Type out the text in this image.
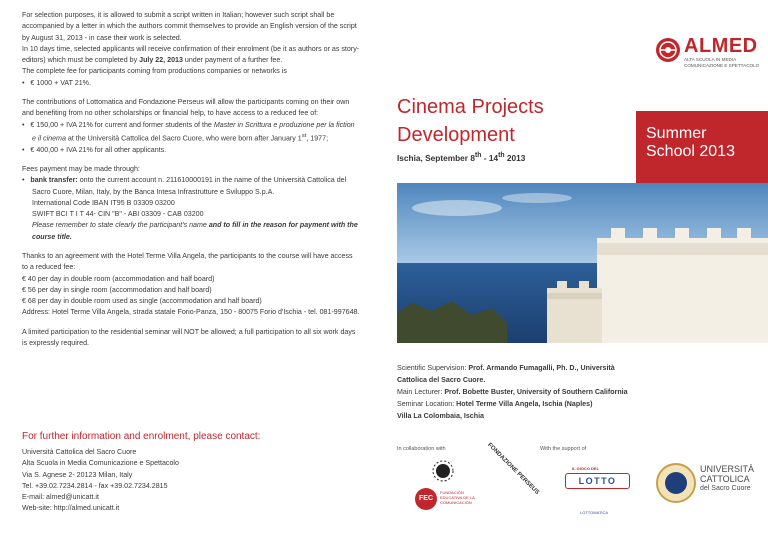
For selection purposes, it is allowed to submit a script written in Italian; however such script shall be accompanied by a letter in which the authors commit themselves to provide an English version of the script by August 31, 2013 - in case their work is selected.

In 10 days time, selected applicants will receive confirmation of their enrolment (be it as authors or as story-editors) which must be completed by July 22, 2013 under payment of a further fee.

The complete fee for participants coming from productions companies or networks is

•   € 1000 + VAT 21%.

The contributions of Lottomatica and Fondazione Perseus will allow the participants coming on their own and benefiting from no other scholarships or financial help, to have access to a reduced fee of:

•   € 150,00 + IVA 21% for current and former students of the Master in Scrittura e produzione per la fiction e il cinema at the Università Cattolica del Sacro Cuore, who were born after January 1st, 1977;

•   € 400,00 + IVA 21% for all other applicants.

Fees payment may be made through:

•   bank transfer: onto the current account n. 211610000191 in the name of the Università Cattolica del Sacro Cuore, Milan, Italy, by the Banca Intesa Infrastrutture e Sviluppo S.p.A.

International Code IBAN IT95 B 03309 03200

SWIFT BCI T I T 44- CIN "B" - ABI 03309 - CAB 03200

Please remember to state clearly the participant's name and to fill in the reason for payment with the course title.

Thanks to an agreement with the Hotel Terme Villa Angela, the participants to the course will have access to a reduced fee:

€ 40 per day in double room (accommodation and half board)

€ 56 per day in single room (accommodation and half board)

€ 68 per day in double room used as single (accommodation and half board)

Address: Hotel Terme Villa Angela, strada statale Forio-Panza, 150 - 80075 Forio d'Ischia - tel. 081-997648.

A limited participation to the residential seminar will NOT be allowed; a full participation to all six work days is expressly required.

For further information and enrolment, please contact:
Università Cattolica del Sacro Cuore
Alta Scuola in Media Comunicazione e Spettacolo
Via S. Agnese 2- 20123 Milan, Italy
Tel. +39.02.7234.2814 - fax +39.02.7234.2815
E-mail: almed@unicatt.it
Web-site: http://almed.unicatt.it
ALMED
ALTA SCUOLA IN MEDIA COMUNICAZIONE E SPETTACOLO
Cinema Projects
Development
Ischia, September 8th - 14th 2013
Summer
School 2013
Scientific Supervision: Prof. Armando Fumagalli, Ph. D., Università Cattolica del Sacro Cuore.
Main Lecturer: Prof. Bobette Buster, University of Southern California
Seminar Location: Hotel Terme Villa Angela, Ischia (Naples)
Villa La Colombaia, Ischia
In collaboration with	With the support of
FONDAZIONE PERSEUS
FEC
FUNDACIÓN EDUCATIVA DE LA COMUNICACIÓN
IL GIOCO DEL
LOTTO
LOTTOMATICA
UNIVERSITÀ
CATTOLICA
del Sacro Cuore
